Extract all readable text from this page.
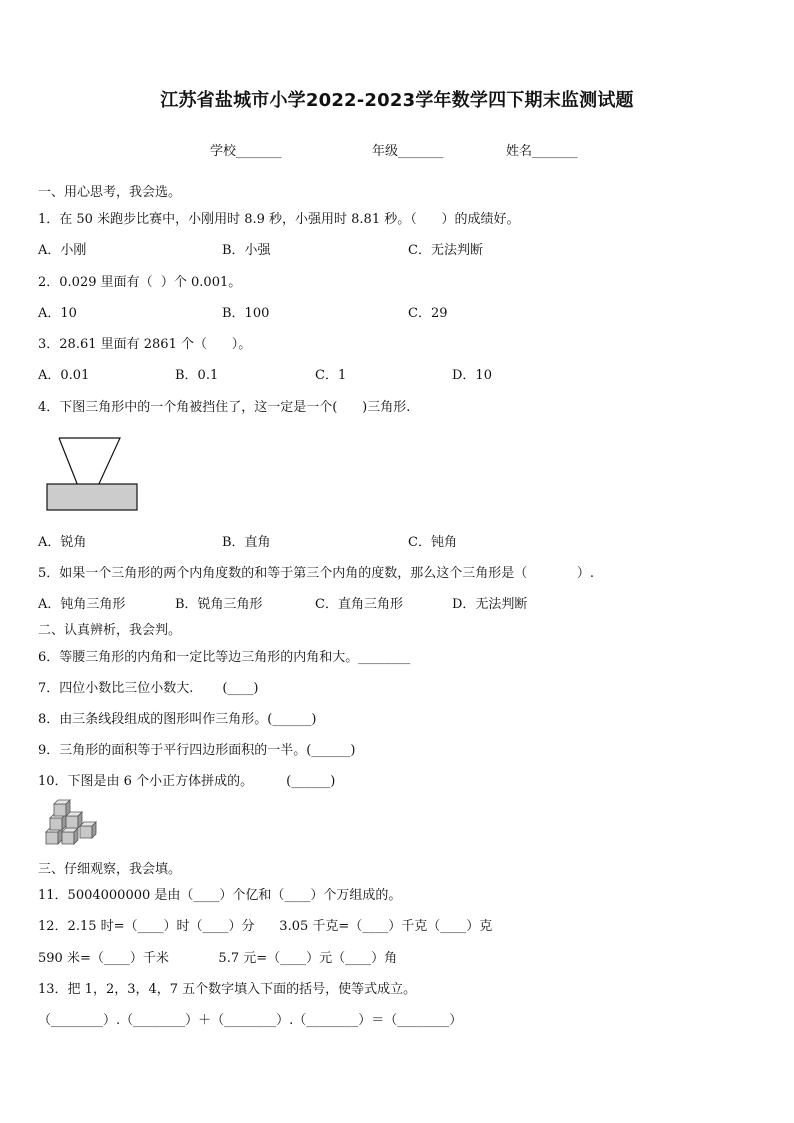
江苏省盐城市小学2022-2023学年数学四下期末监测试题
学校_______	年级_______	姓名_______
一、用心思考，我会选。
1．在 50 米跑步比赛中，小刚用时 8.9 秒，小强用时 8.81 秒。（      ）的成绩好。
A．小刚	B．小强	C．无法判断
2．0.029 里面有（  ）个 0.001。
A．10	B．100	C．29
3．28.61 里面有 2861 个（      ）。
A．0.01	B．0.1	C．1	D．10
4．下图三角形中的一个角被挡住了，这一定是一个(      )三角形.
A．锐角	B．直角	C．钝角
5．如果一个三角形的两个内角度数的和等于第三个内角的度数，那么这个三角形是（            ）.
A．钝角三角形	B．锐角三角形	C．直角三角形	D．无法判断
二、认真辨析，我会判。
6．等腰三角形的内角和一定比等边三角形的内角和大。________
7．四位小数比三位小数大.       (____)
8．由三条线段组成的图形叫作三角形。(______)
9．三角形的面积等于平行四边形面积的一半。(______)
10．下图是由 6 个小正方体拼成的。        (______)
三、仔细观察，我会填。
11．5004000000 是由（____）个亿和（____）个万组成的。
12．2.15 时=（____）时（____）分      3.05 千克=（____）千克（____）克
590 米=（____）千米            5.7 元=（____）元（____）角
13．把 1，2，3，4，7 五个数字填入下面的括号，使等式成立。
（________）.（________）＋（________）.（________）＝（________）
